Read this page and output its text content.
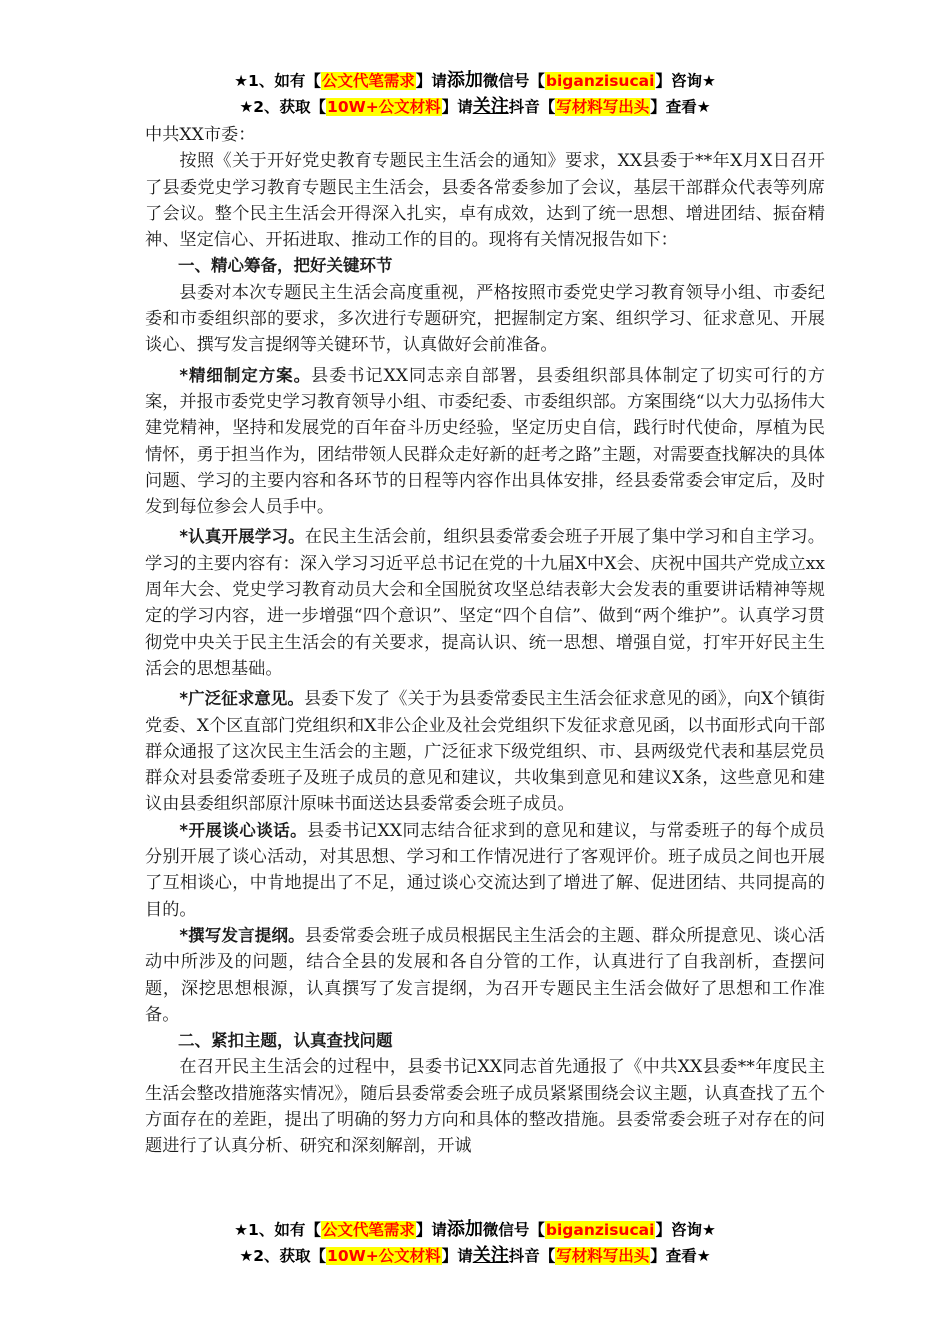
★1、如有【公文代笔需求】请添加微信号【biganzisucai】咨询★
★2、获取【10W+公文材料】请关注抖音【写材料写出头】查看★

中共XX市委：

按照《关于开好党史教育专题民主生活会的通知》要求，XX县委于**年X月X日召开了县委党史学习教育专题民主生活会，县委各常委参加了会议，基层干部群众代表等列席了会议。整个民主生活会开得深入扎实，卓有成效，达到了统一思想、增进团结、振奋精神、坚定信心、开拓进取、推动工作的目的。现将有关情况报告如下：

一、精心筹备，把好关键环节

县委对本次专题民主生活会高度重视，严格按照市委党史学习教育领导小组、市委纪委和市委组织部的要求，多次进行专题研究，把握制定方案、组织学习、征求意见、开展谈心、撰写发言提纲等关键环节，认真做好会前准备。

*精细制定方案。县委书记XX同志亲自部署，县委组织部具体制定了切实可行的方案，并报市委党史学习教育领导小组、市委纪委、市委组织部。方案围绕“以大力弘扬伟大建党精神，坚持和发展党的百年奋斗历史经验，坚定历史自信，践行时代使命，厚植为民情怀，勇于担当作为，团结带领人民群众走好新的赶考之路”主题，对需要查找解决的具体问题、学习的主要内容和各环节的日程等内容作出具体安排，经县委常委会审定后，及时发到每位参会人员手中。

*认真开展学习。在民主生活会前，组织县委常委会班子开展了集中学习和自主学习。学习的主要内容有：深入学习习近平总书记在党的十九届X中X会、庆祝中国共产党成立xx周年大会、党史学习教育动员大会和全国脱贫攻坚总结表彰大会发表的重要讲话精神等规定的学习内容，进一步增强“四个意识”、坚定“四个自信”、做到“两个维护”。认真学习贯彻党中央关于民主生活会的有关要求，提高认识、统一思想、增强自觉，打牢开好民主生活会的思想基础。

*广泛征求意见。县委下发了《关于为县委常委民主生活会征求意见的函》，向X个镇街党委、X个区直部门党组织和X非公企业及社会党组织下发征求意见函，以书面形式向干部群众通报了这次民主生活会的主题，广泛征求下级党组织、市、县两级党代表和基层党员群众对县委常委班子及班子成员的意见和建议，共收集到意见和建议X条，这些意见和建议由县委组织部原汁原味书面送达县委常委会班子成员。

*开展谈心谈话。县委书记XX同志结合征求到的意见和建议，与常委班子的每个成员分别开展了谈心活动，对其思想、学习和工作情况进行了客观评价。班子成员之间也开展了互相谈心，中肯地提出了不足，通过谈心交流达到了增进了解、促进团结、共同提高的目的。

*撰写发言提纲。县委常委会班子成员根据民主生活会的主题、群众所提意见、谈心活动中所涉及的问题，结合全县的发展和各自分管的工作，认真进行了自我剖析，查摆问题，深挖思想根源，认真撰写了发言提纲，为召开专题民主生活会做好了思想和工作准备。

二、紧扣主题，认真查找问题

在召开民主生活会的过程中，县委书记XX同志首先通报了《中共XX县委**年度民主生活会整改措施落实情况》，随后县委常委会班子成员紧紧围绕会议主题，认真查找了五个方面存在的差距，提出了明确的努力方向和具体的整改措施。县委常委会班子对存在的问题进行了认真分析、研究和深刻解剖，开诚

★1、如有【公文代笔需求】请添加微信号【biganzisucai】咨询★
★2、获取【10W+公文材料】请关注抖音【写材料写出头】查看★
